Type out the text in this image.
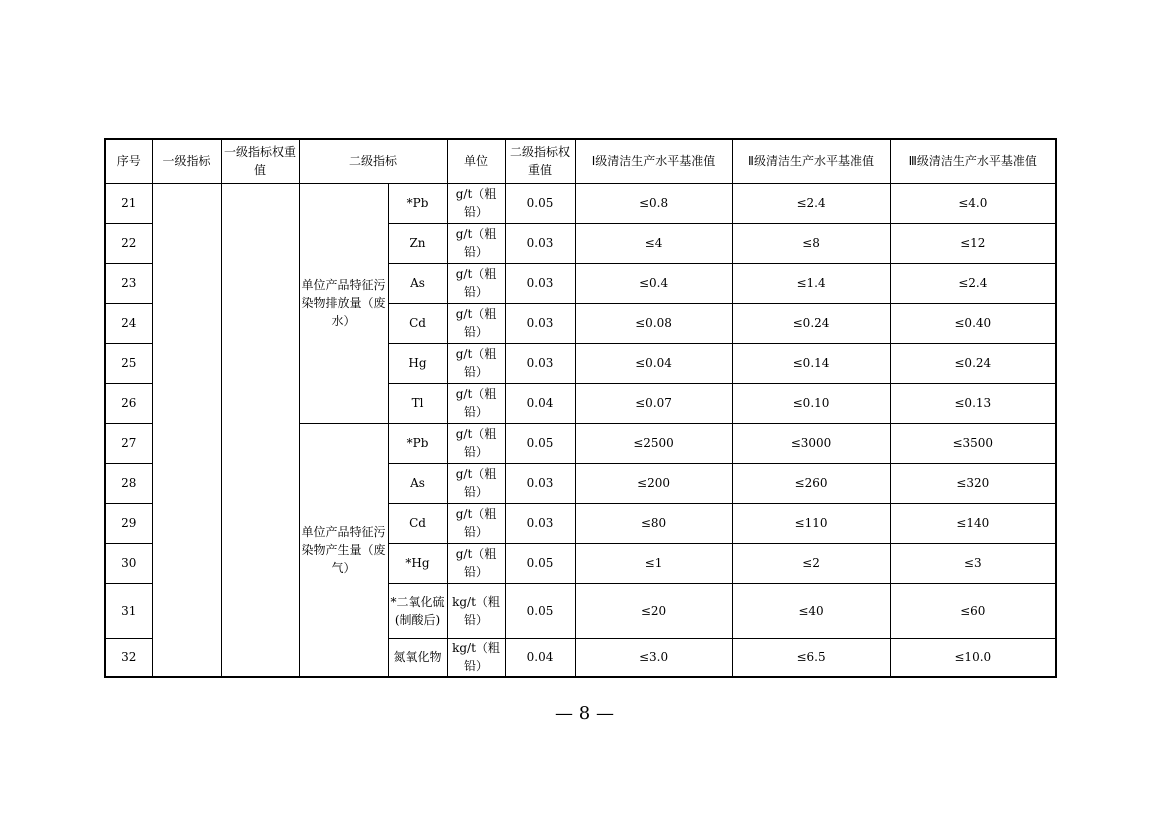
序号	一级指标	一级指标权重值	二级指标		单位	二级指标权重值	Ⅰ级清洁生产水平基准值	Ⅱ级清洁生产水平基准值	Ⅲ级清洁生产水平基准值
21			单位产品特征污染物排放量（废水）	*Pb	g/t（粗铅）	0.05	≤0.8	≤2.4	≤4.0
22				Zn	g/t（粗铅）	0.03	≤4	≤8	≤12
23				As	g/t（粗铅）	0.03	≤0.4	≤1.4	≤2.4
24				Cd	g/t（粗铅）	0.03	≤0.08	≤0.24	≤0.40
25				Hg	g/t（粗铅）	0.03	≤0.04	≤0.14	≤0.24
26				Tl	g/t（粗铅）	0.04	≤0.07	≤0.10	≤0.13
27			单位产品特征污染物产生量（废气）	*Pb	g/t（粗铅）	0.05	≤2500	≤3000	≤3500
28				As	g/t（粗铅）	0.03	≤200	≤260	≤320
29				Cd	g/t（粗铅）	0.03	≤80	≤110	≤140
30				*Hg	g/t（粗铅）	0.05	≤1	≤2	≤3
31				*二氧化硫(制酸后)	kg/t（粗铅）	0.05	≤20	≤40	≤60
32				氮氧化物	kg/t（粗铅）	0.04	≤3.0	≤6.5	≤10.0
— 8 —
